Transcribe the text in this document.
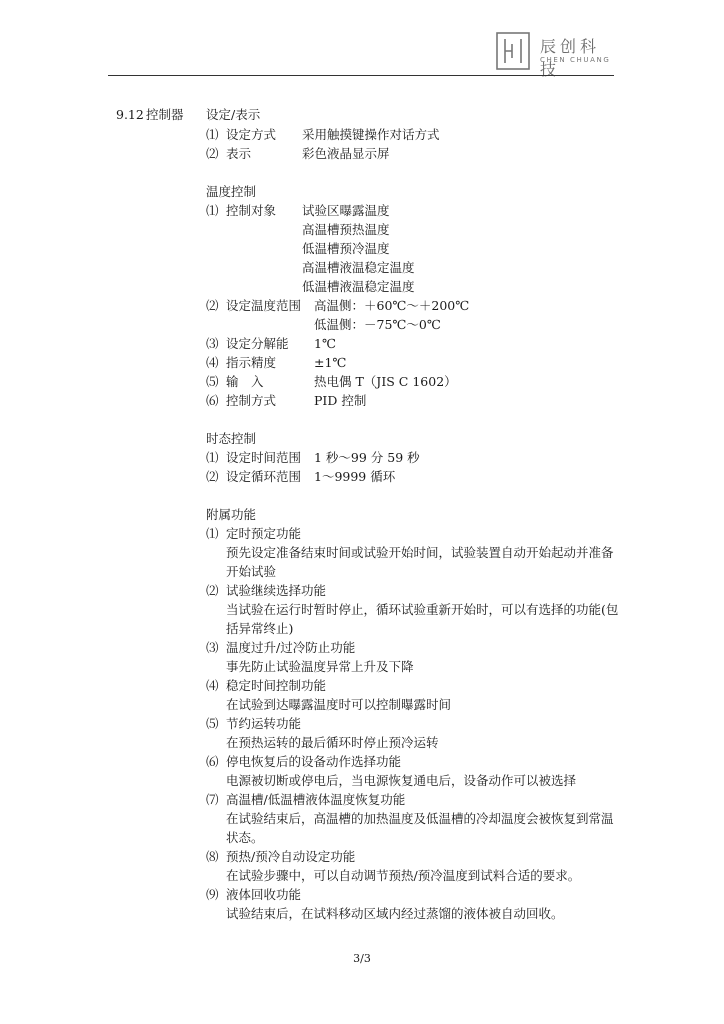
辰创科技
CHEN CHUANG
9.12 控制器 设定/表示
⑴ 设定方式 采用触摸键操作对话方式
⑵ 表示	彩色液晶显示屏
温度控制
⑴ 控制对象 试验区曝露温度
高温槽预热温度
低温槽预冷温度
高温槽液温稳定温度
低温槽液温稳定温度
⑵ 设定温度范围 高温侧：＋60℃～＋200℃
低温侧：－75℃～0℃
⑶ 设定分解能 1℃
⑷ 指示精度	±1℃
⑸ 输　入	热电偶 T（JIS C 1602）
⑹ 控制方式	PID 控制
时态控制
⑴ 设定时间范围 1 秒～99 分 59 秒
⑵ 设定循环范围 1～9999 循环
附属功能
⑴ 定时预定功能
预先设定准备结束时间或试验开始时间，试验装置自动开始起动并准备
开始试验
⑵ 试验继续选择功能
当试验在运行时暂时停止，循环试验重新开始时，可以有选择的功能(包
括异常终止)
⑶ 温度过升/过冷防止功能
事先防止试验温度异常上升及下降
⑷ 稳定时间控制功能
在试验到达曝露温度时可以控制曝露时间
⑸ 节约运转功能
在预热运转的最后循环时停止预冷运转
⑹ 停电恢复后的设备动作选择功能
电源被切断或停电后，当电源恢复通电后，设备动作可以被选择
⑺ 高温槽/低温槽液体温度恢复功能
在试验结束后，高温槽的加热温度及低温槽的冷却温度会被恢复到常温
状态。
⑻ 预热/预冷自动设定功能
在试验步骤中，可以自动调节预热/预冷温度到试料合适的要求。
⑼ 液体回收功能
试验结束后，在试料移动区域内经过蒸馏的液体被自动回收。
3/3
